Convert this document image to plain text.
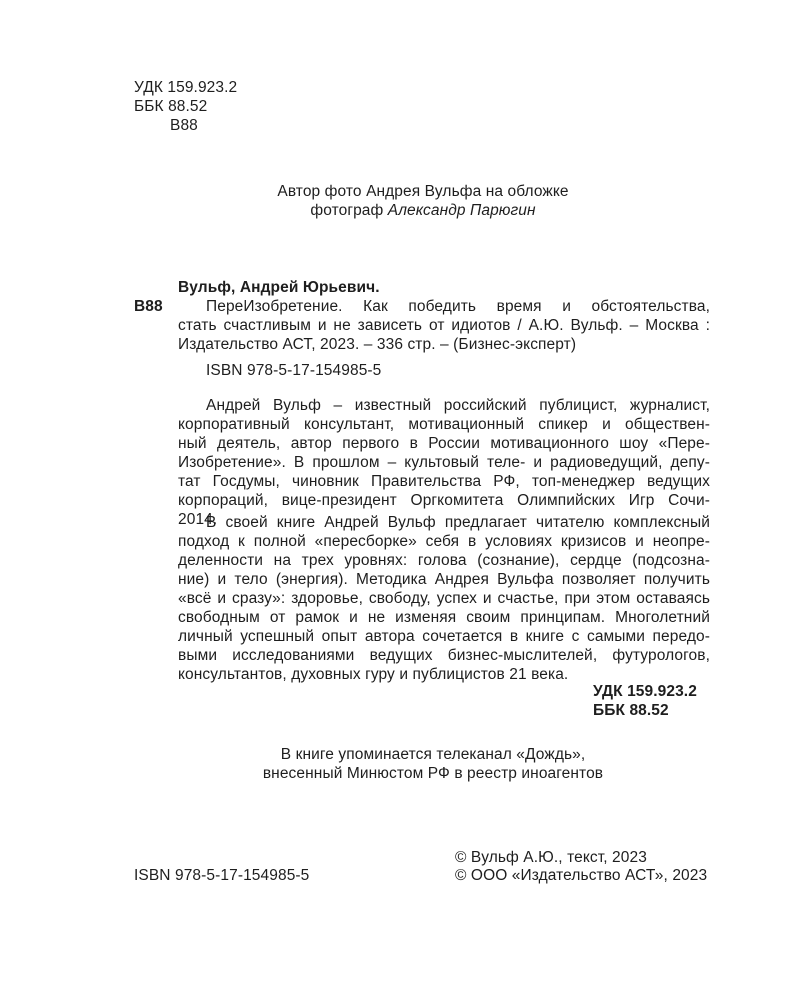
УДК 159.923.2
ББК 88.52
В88
Автор фото Андрея Вульфа на обложке
фотограф Александр Парюгин
Вульф, Андрей Юрьевич.
В88	ПереИзобретение. Как победить время и обстоятельства,
стать счастливым и не зависеть от идиотов / А.Ю. Вульф. – Москва :
Издательство АСТ, 2023. – 336 стр. – (Бизнес-эксперт)
ISBN 978-5-17-154985-5
Андрей Вульф – известный российский публицист, журналист,
корпоративный консультант, мотивационный спикер и обществен-
ный деятель, автор первого в России мотивационного шоу «Пере-
Изобретение». В прошлом – культовый теле- и радиоведущий, депу-
тат Госдумы, чиновник Правительства РФ, топ-менеджер ведущих
корпораций, вице-президент Оргкомитета Олимпийских Игр Сочи-
2014.
В своей книге Андрей Вульф предлагает читателю комплексный
подход к полной «пересборке» себя в условиях кризисов и неопре-
деленности на трех уровнях: голова (сознание), сердце (подсозна-
ние) и тело (энергия). Методика Андрея Вульфа позволяет получить
«всё и сразу»: здоровье, свободу, успех и счастье, при этом оставаясь
свободным от рамок и не изменяя своим принципам. Многолетний
личный успешный опыт автора сочетается в книге с самыми передо-
выми исследованиями ведущих бизнес-мыслителей, футурологов,
консультантов, духовных гуру и публицистов 21 века.
УДК 159.923.2
ББК 88.52
В книге упоминается телеканал «Дождь»,
внесенный Минюстом РФ в реестр иноагентов
ISBN 978-5-17-154985-5
© Вульф А.Ю., текст, 2023
© ООО «Издательство АСТ», 2023
